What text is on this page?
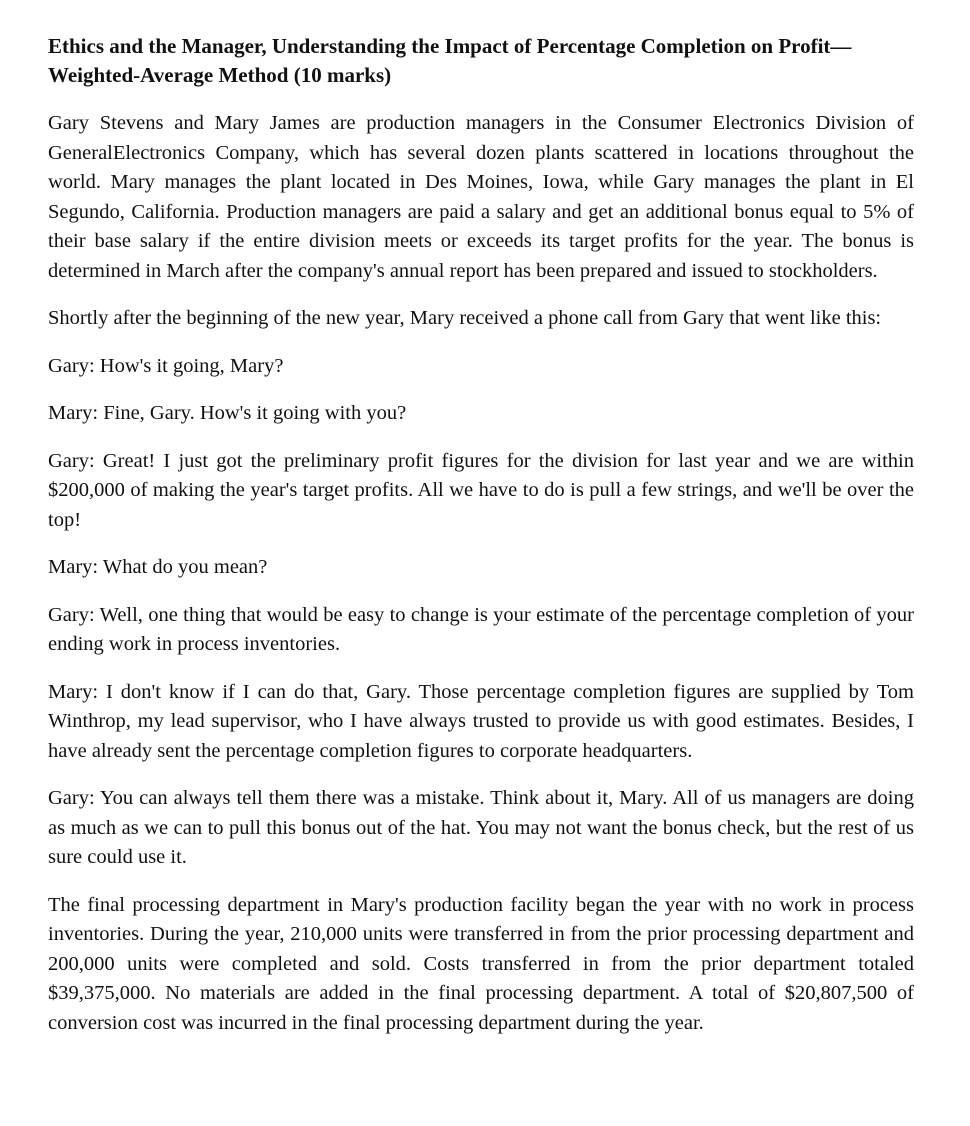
Ethics and the Manager, Understanding the Impact of Percentage Completion on Profit—Weighted-Average Method (10 marks)

Gary Stevens and Mary James are production managers in the Consumer Electronics Division of GeneralElectronics Company, which has several dozen plants scattered in locations throughout the world. Mary manages the plant located in Des Moines, Iowa, while Gary manages the plant in El Segundo, California. Production managers are paid a salary and get an additional bonus equal to 5% of their base salary if the entire division meets or exceeds its target profits for the year. The bonus is determined in March after the company's annual report has been prepared and issued to stockholders.

Shortly after the beginning of the new year, Mary received a phone call from Gary that went like this:

Gary: How's it going, Mary?

Mary: Fine, Gary. How's it going with you?

Gary: Great! I just got the preliminary profit figures for the division for last year and we are within $200,000 of making the year's target profits. All we have to do is pull a few strings, and we'll be over the top!

Mary: What do you mean?

Gary: Well, one thing that would be easy to change is your estimate of the percentage completion of your ending work in process inventories.

Mary: I don't know if I can do that, Gary. Those percentage completion figures are supplied by Tom Winthrop, my lead supervisor, who I have always trusted to provide us with good estimates. Besides, I have already sent the percentage completion figures to corporate headquarters.

Gary: You can always tell them there was a mistake. Think about it, Mary. All of us managers are doing as much as we can to pull this bonus out of the hat. You may not want the bonus check, but the rest of us sure could use it.

The final processing department in Mary's production facility began the year with no work in process inventories. During the year, 210,000 units were transferred in from the prior processing department and 200,000 units were completed and sold. Costs transferred in from the prior department totaled $39,375,000. No materials are added in the final processing department. A total of $20,807,500 of conversion cost was incurred in the final processing department during the year.
